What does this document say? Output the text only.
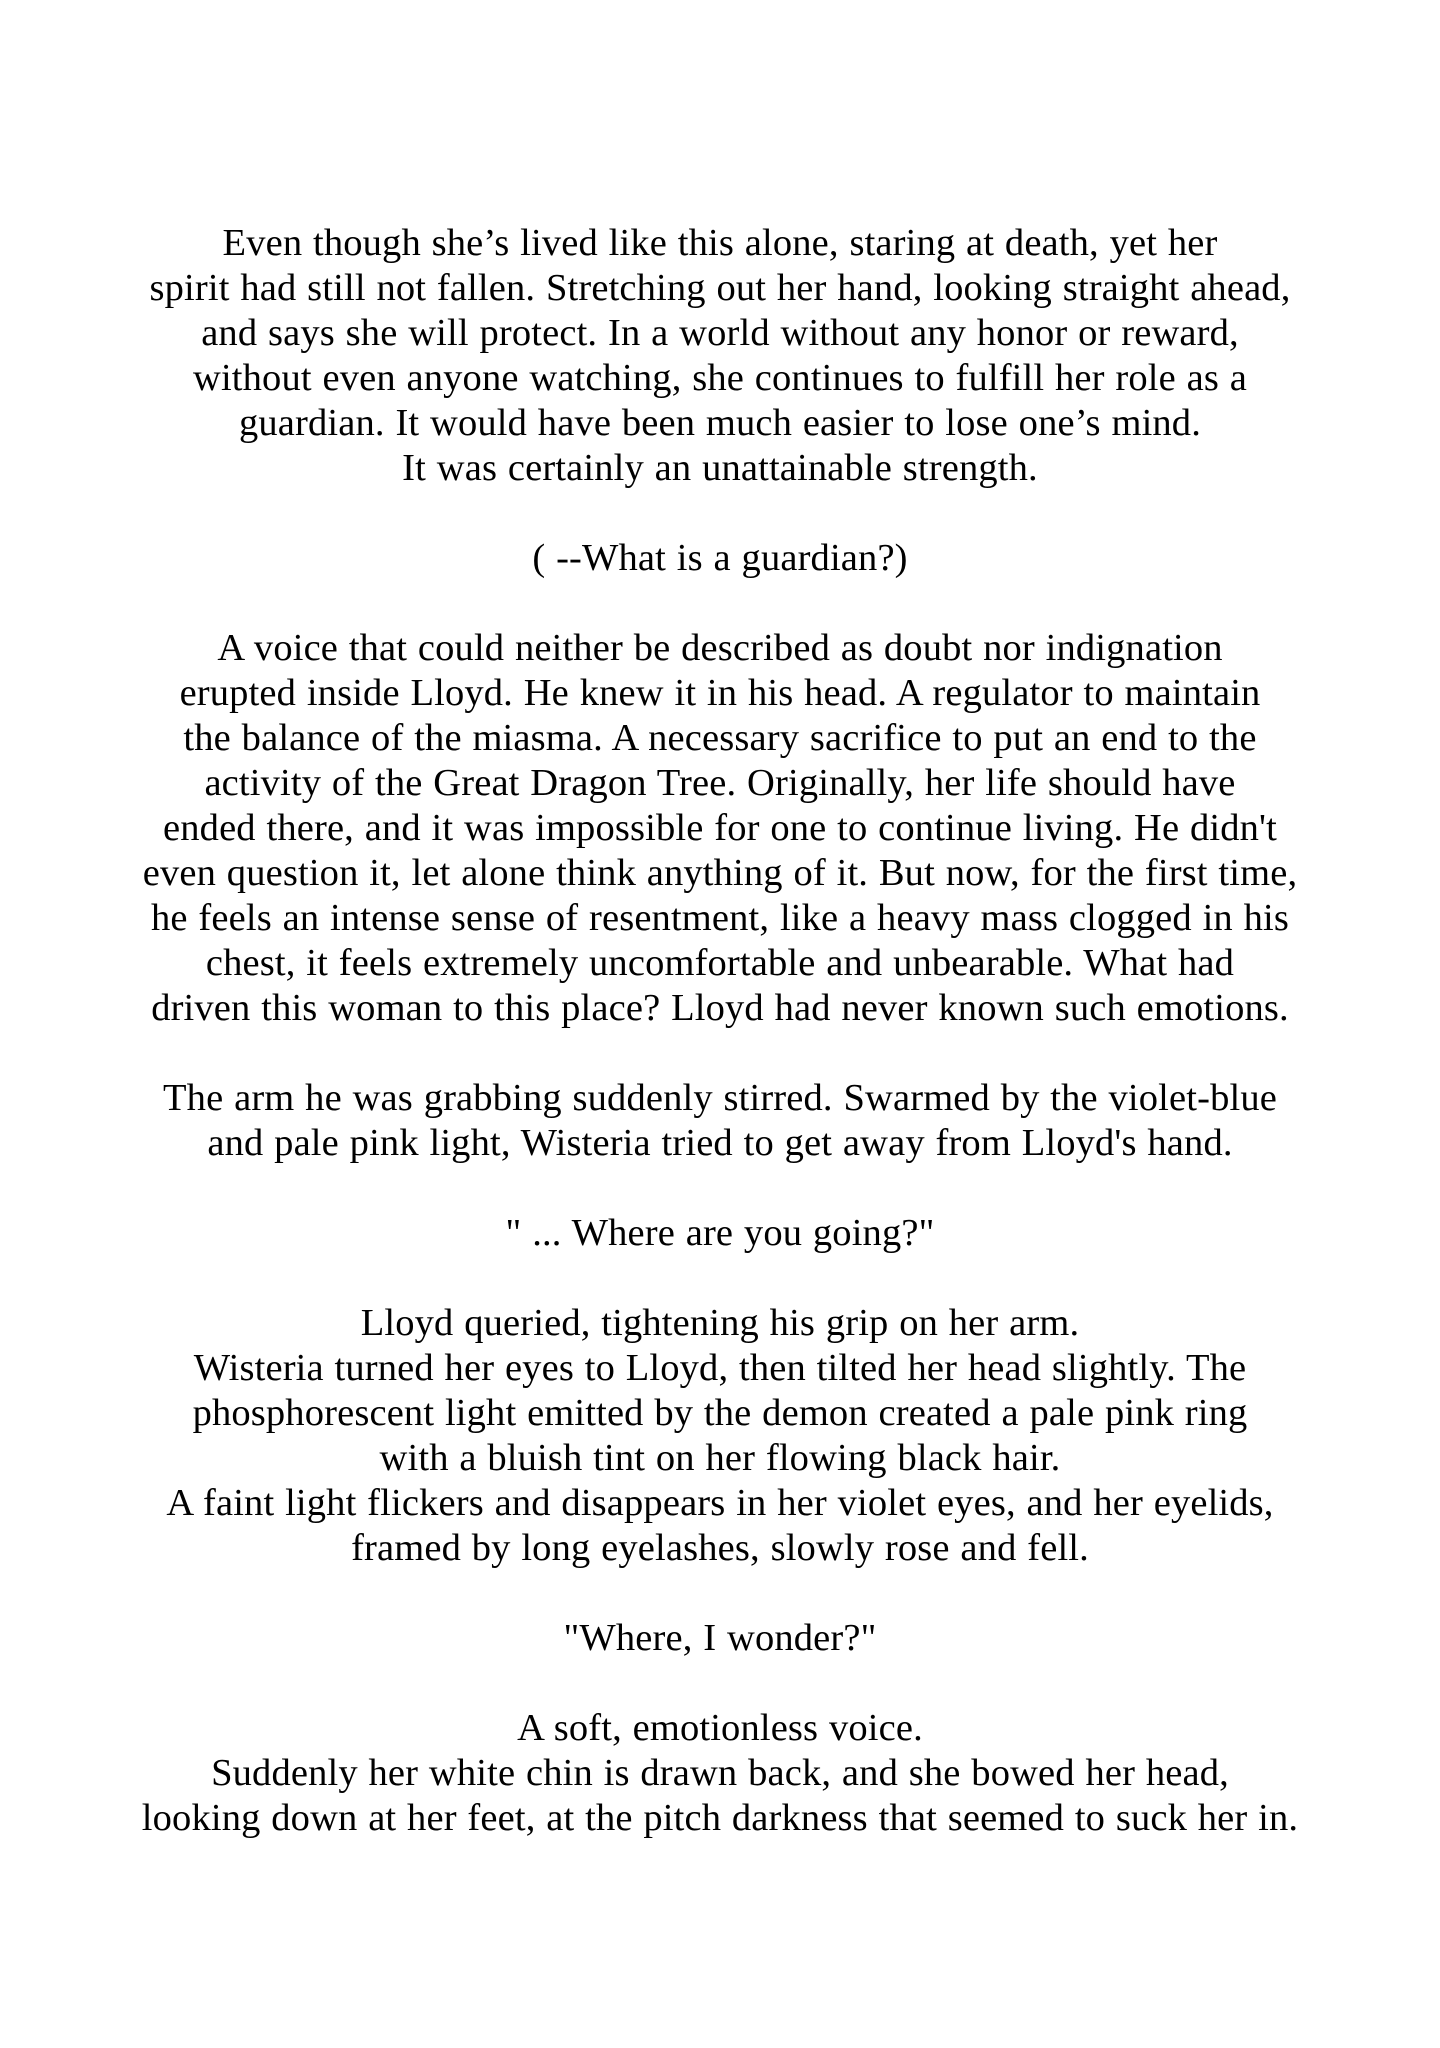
Even though she’s lived like this alone, staring at death, yet her
spirit had still not fallen. Stretching out her hand, looking straight ahead,
and says she will protect. In a world without any honor or reward,
without even anyone watching, she continues to fulfill her role as a
guardian. It would have been much easier to lose one’s mind.
It was certainly an unattainable strength.
( --What is a guardian?)
A voice that could neither be described as doubt nor indignation
erupted inside Lloyd. He knew it in his head. A regulator to maintain
the balance of the miasma. A necessary sacrifice to put an end to the
activity of the Great Dragon Tree. Originally, her life should have
ended there, and it was impossible for one to continue living. He didn't
even question it, let alone think anything of it. But now, for the first time,
he feels an intense sense of resentment, like a heavy mass clogged in his
chest, it feels extremely uncomfortable and unbearable. What had
driven this woman to this place? Lloyd had never known such emotions.
The arm he was grabbing suddenly stirred. Swarmed by the violet-blue
and pale pink light, Wisteria tried to get away from Lloyd's hand.
" ... Where are you going?"
Lloyd queried, tightening his grip on her arm.
Wisteria turned her eyes to Lloyd, then tilted her head slightly. The
phosphorescent light emitted by the demon created a pale pink ring
with a bluish tint on her flowing black hair.
A faint light flickers and disappears in her violet eyes, and her eyelids,
framed by long eyelashes, slowly rose and fell.
"Where, I wonder?"
A soft, emotionless voice.
Suddenly her white chin is drawn back, and she bowed her head,
looking down at her feet, at the pitch darkness that seemed to suck her in.
